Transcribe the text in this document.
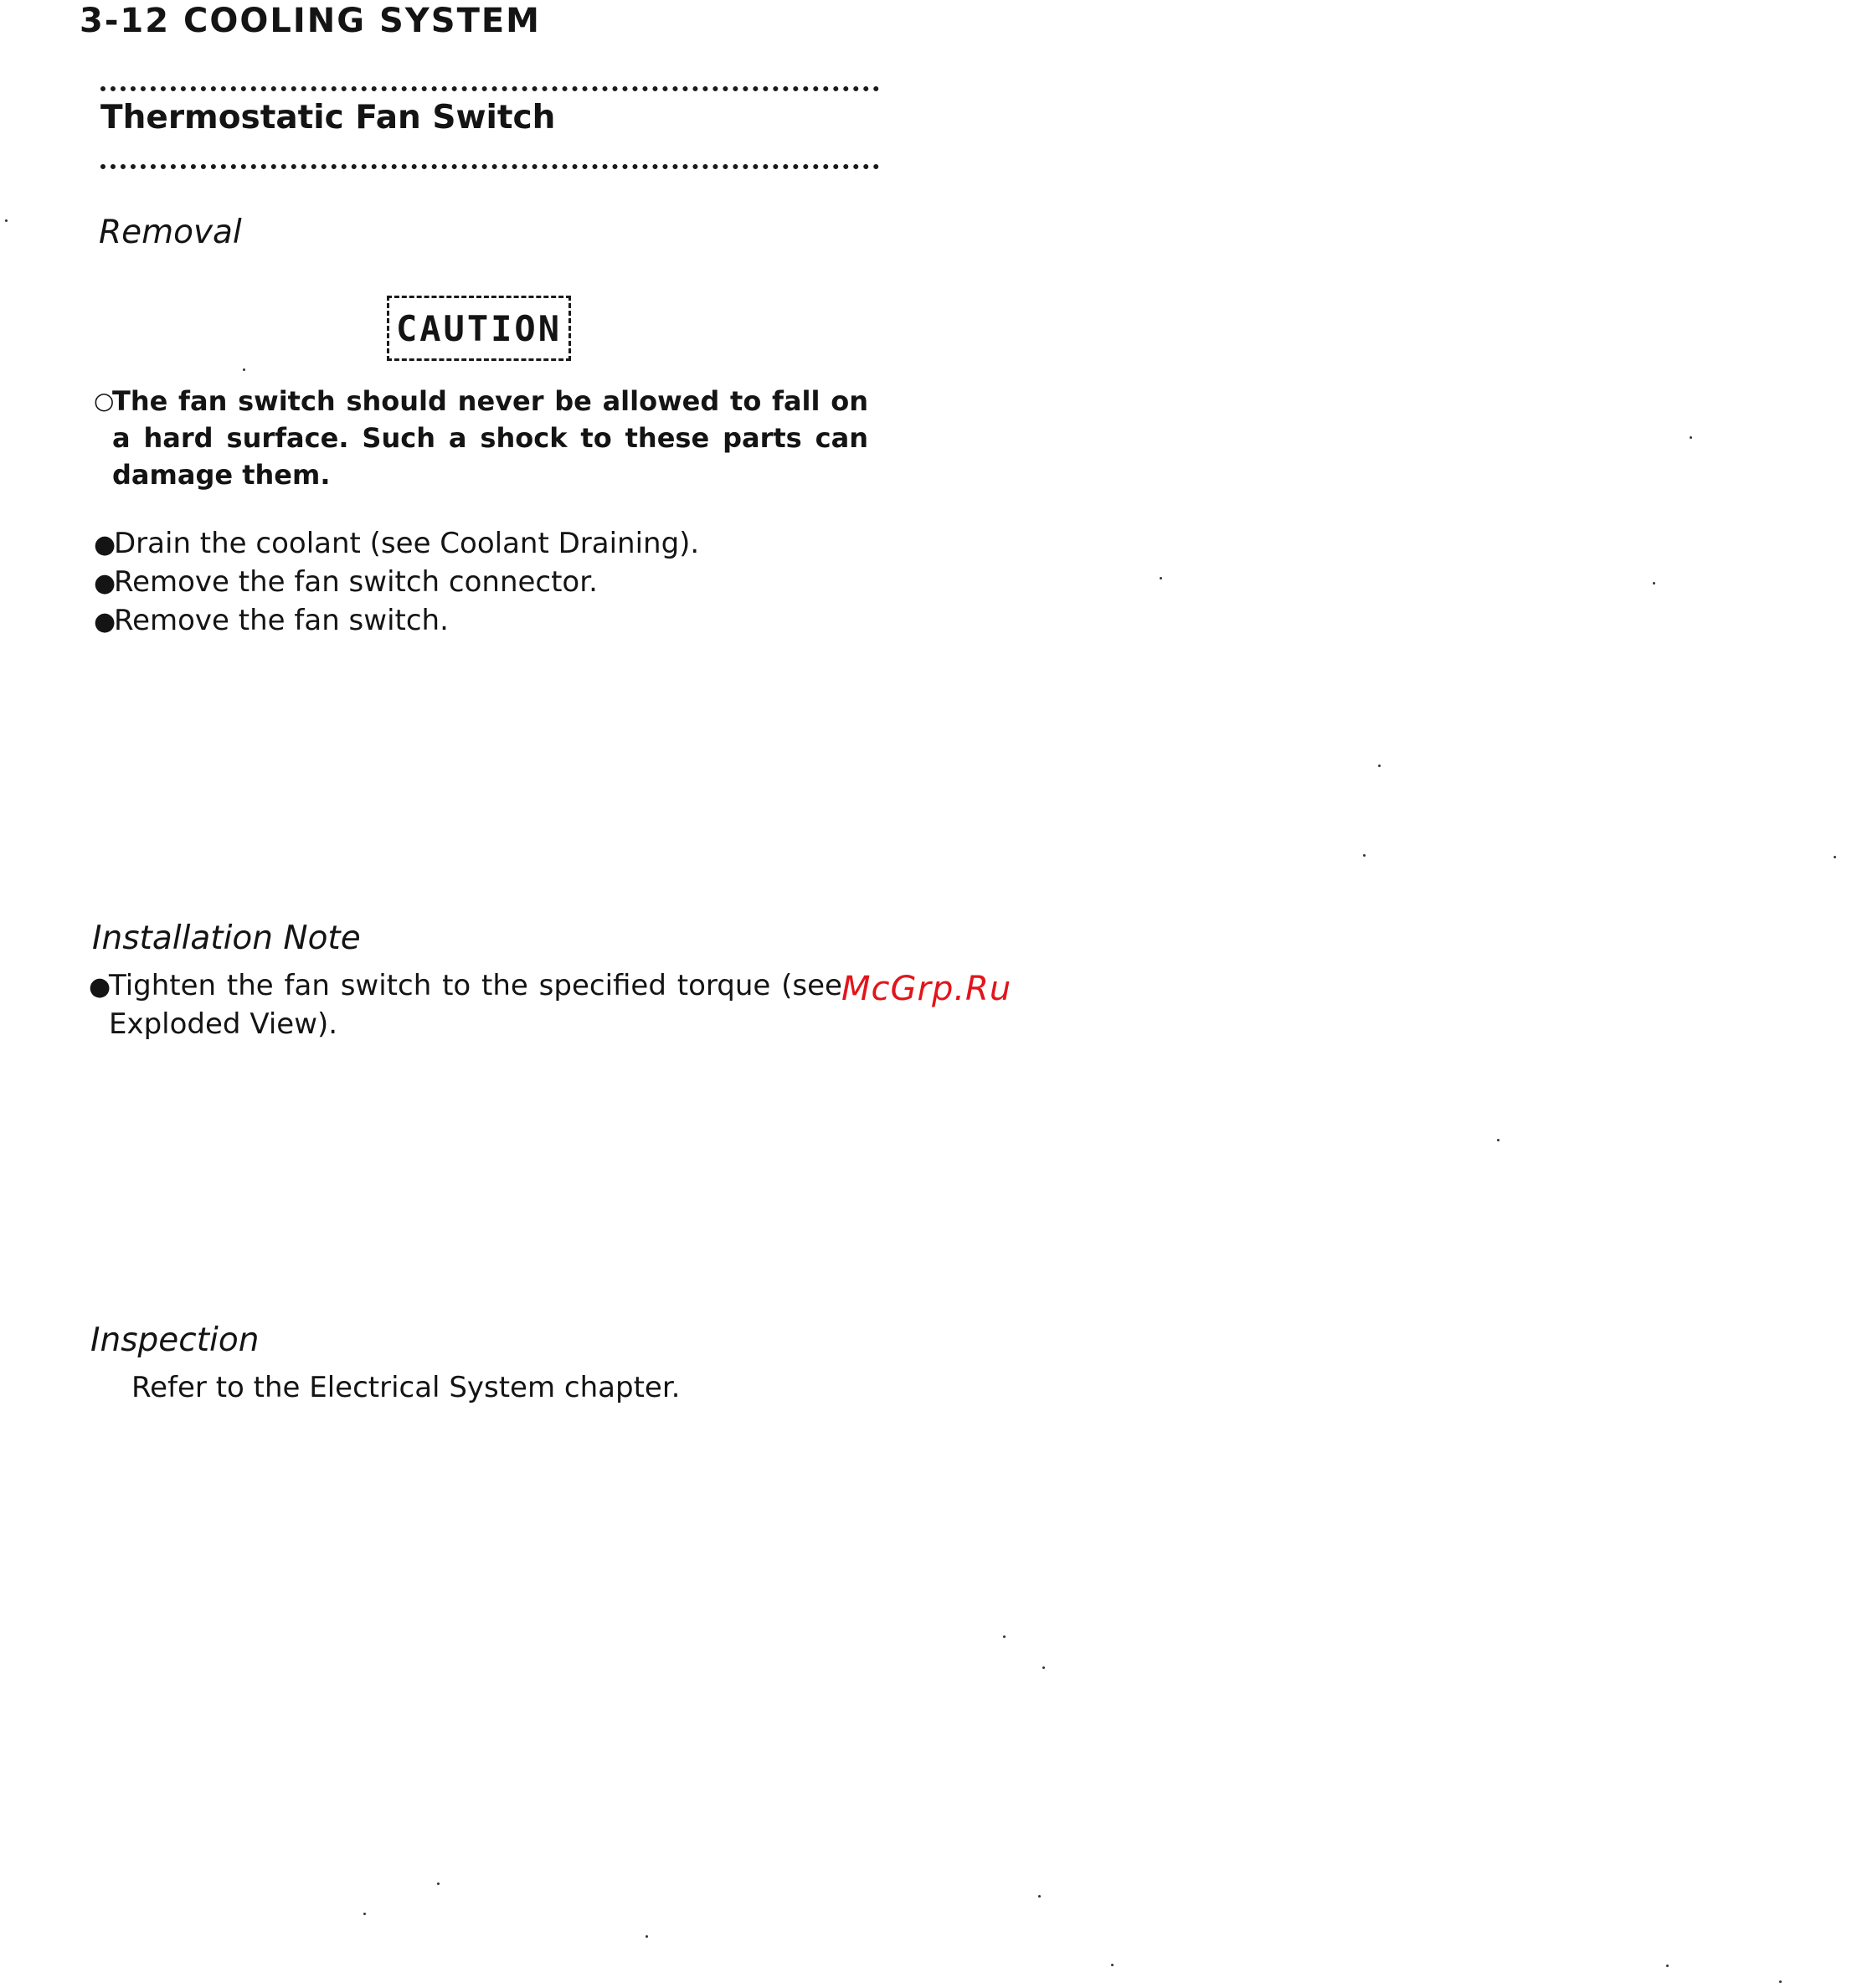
3-12 COOLING SYSTEM
Thermostatic Fan Switch
Removal
CAUTION
○
The fan switch should never be allowed to fall on a hard surface. Such a shock to these parts can damage them.
●Drain the coolant (see Coolant Draining).
●Remove the fan switch connector.
●Remove the fan switch.
Installation Note
●Tighten the fan switch to the specified torque (see
Exploded View).
McGrp.Ru
Inspection
Refer to the Electrical System chapter.
